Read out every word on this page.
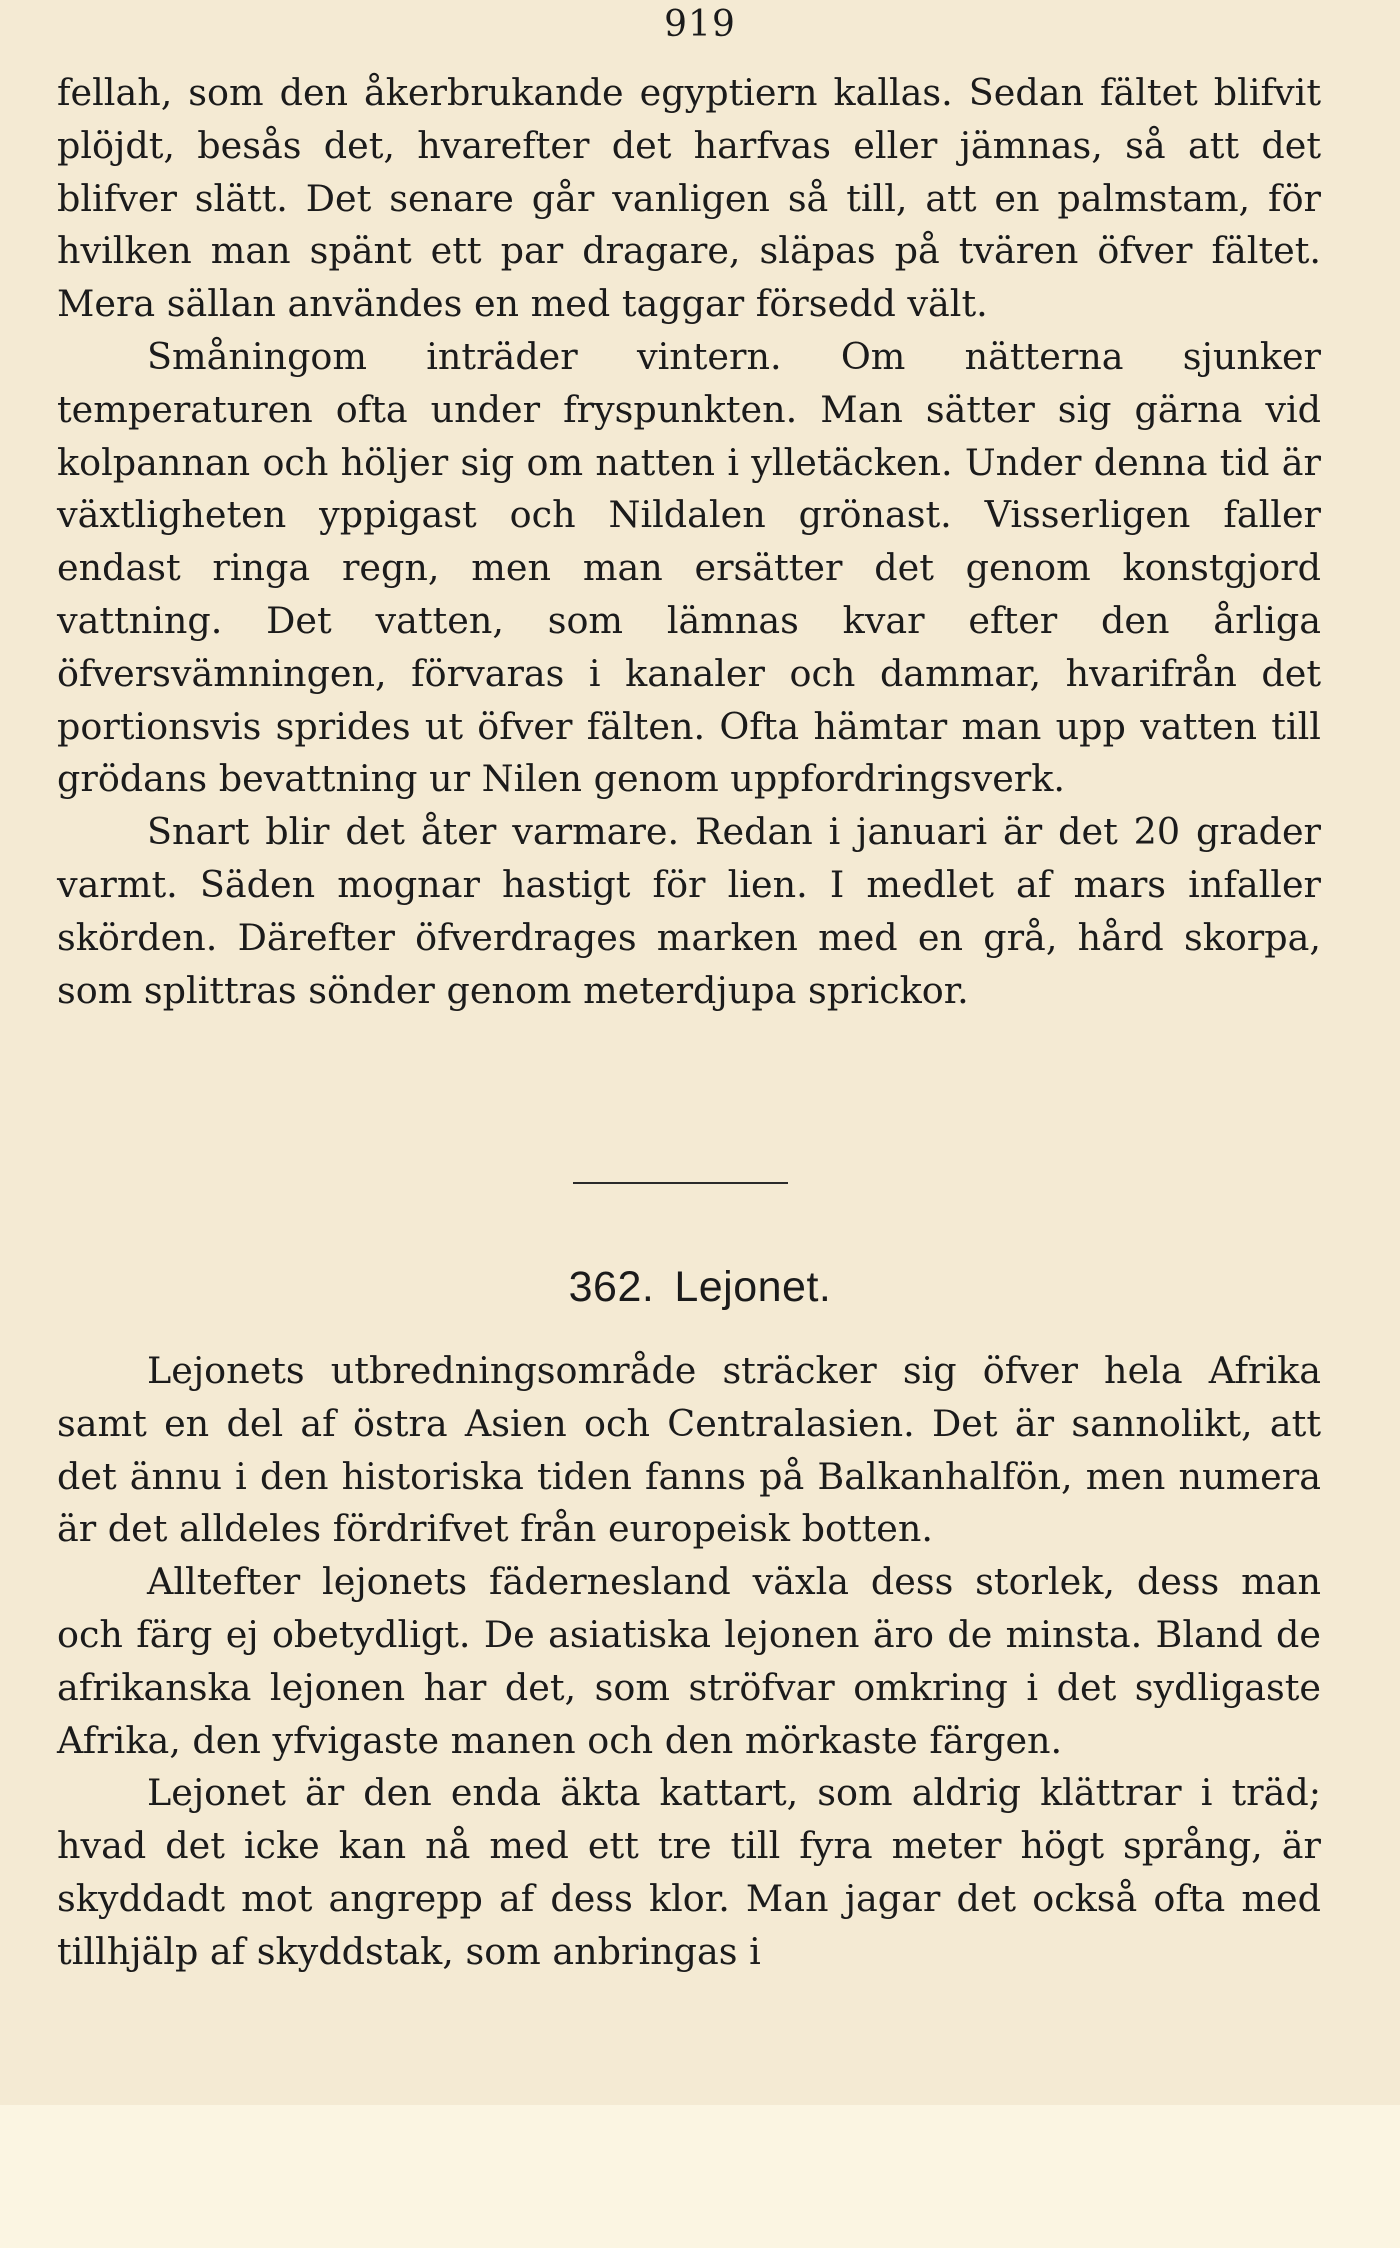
919

fellah, som den åkerbrukande egyptiern kallas. Sedan fältet blifvit plöjdt, besås det, hvarefter det harfvas eller jämnas, så att det blifver slätt. Det senare går vanligen så till, att en palmstam, för hvilken man spänt ett par dragare, släpas på tvären öfver fältet. Mera sällan användes en med taggar försedd vält.

Småningom inträder vintern. Om nätterna sjunker temperaturen ofta under fryspunkten. Man sätter sig gärna vid kolpannan och höljer sig om natten i ylletäcken. Under denna tid är växtligheten yppigast och Nildalen grönast. Visserligen faller endast ringa regn, men man ersätter det genom konstgjord vattning. Det vatten, som lämnas kvar efter den årliga öfversvämningen, förvaras i kanaler och dammar, hvarifrån det portionsvis sprides ut öfver fälten. Ofta hämtar man upp vatten till grödans bevattning ur Nilen genom uppfordringsverk.

Snart blir det åter varmare. Redan i januari är det 20 grader varmt. Säden mognar hastigt för lien. I medlet af mars infaller skörden. Därefter öfverdrages marken med en grå, hård skorpa, som splittras sönder genom meterdjupa sprickor.

362. Lejonet.

Lejonets utbredningsområde sträcker sig öfver hela Afrika samt en del af östra Asien och Centralasien. Det är sannolikt, att det ännu i den historiska tiden fanns på Balkanhalfön, men numera är det alldeles fördrifvet från europeisk botten.

Alltefter lejonets fädernesland växla dess storlek, dess man och färg ej obetydligt. De asiatiska lejonen äro de minsta. Bland de afrikanska lejonen har det, som ströfvar omkring i det sydligaste Afrika, den yfvigaste manen och den mörkaste färgen.

Lejonet är den enda äkta kattart, som aldrig klättrar i träd; hvad det icke kan nå med ett tre till fyra meter högt språng, är skyddadt mot angrepp af dess klor. Man jagar det också ofta med tillhjälp af skyddstak, som anbringas i
